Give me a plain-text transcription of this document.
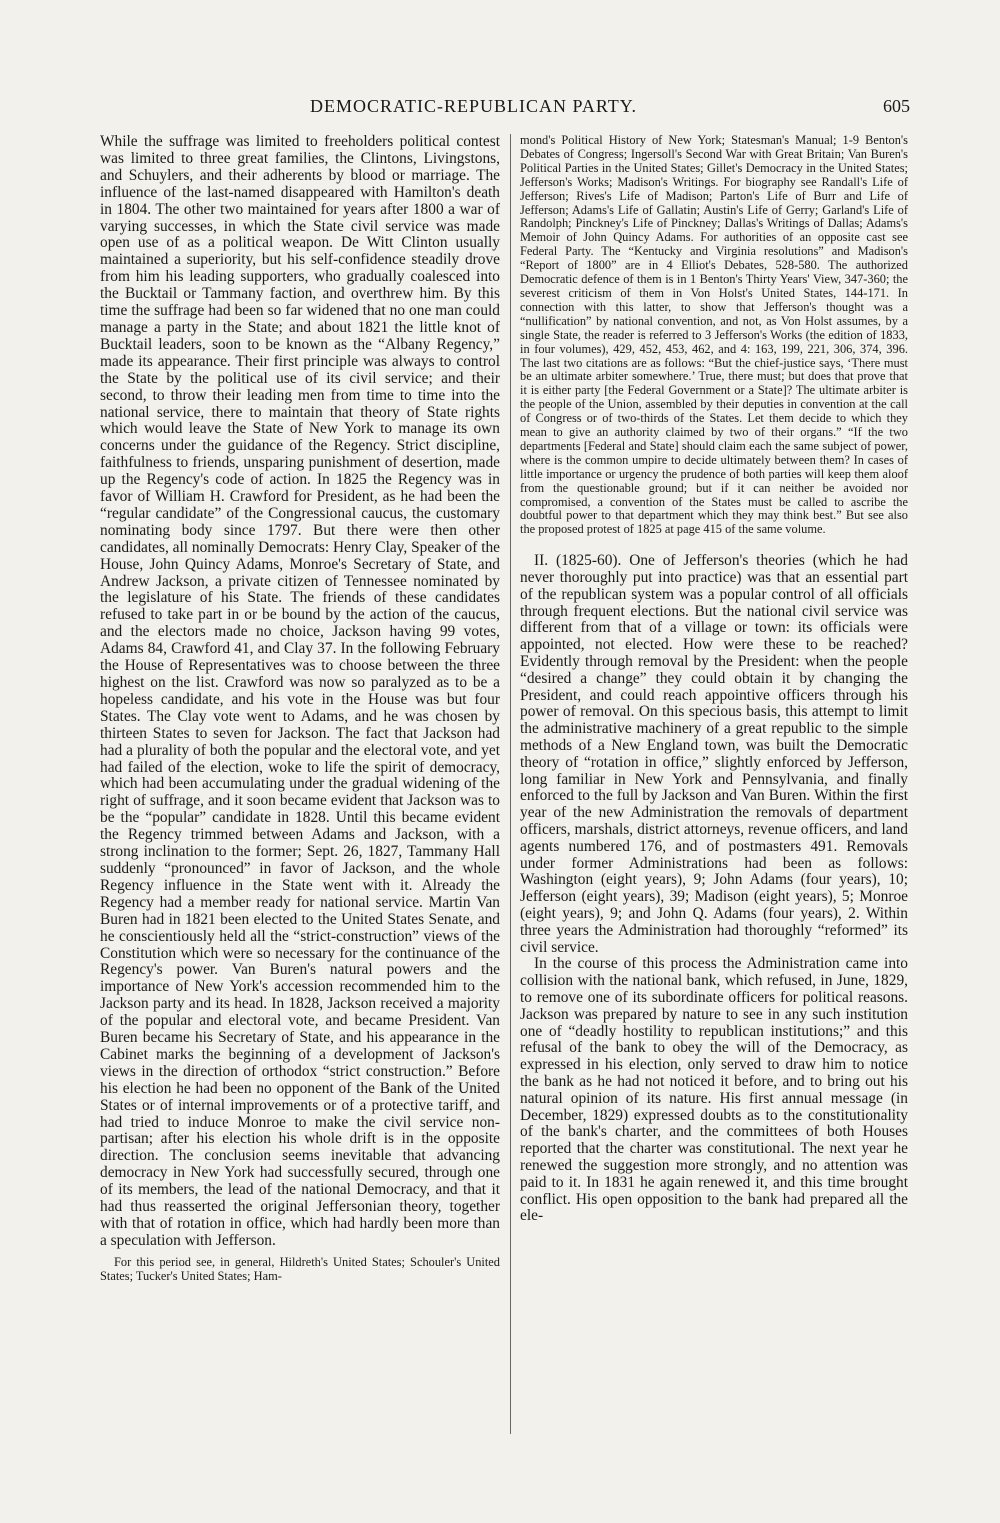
DEMOCRATIC-REPUBLICAN PARTY.	605

While the suffrage was limited to freeholders political contest was limited to three great families, the Clintons, Livingstons, and Schuylers, and their adherents by blood or marriage. The influence of the last-named disappeared with Hamilton's death in 1804. The other two maintained for years after 1800 a war of varying successes, in which the State civil service was made open use of as a political weapon. De Witt Clinton usually maintained a superiority, but his self-confidence steadily drove from him his leading supporters, who gradually coalesced into the Bucktail or Tammany faction, and overthrew him. By this time the suffrage had been so far widened that no one man could manage a party in the State; and about 1821 the little knot of Bucktail leaders, soon to be known as the “Albany Regency,” made its appearance. Their first principle was always to control the State by the political use of its civil service; and their second, to throw their leading men from time to time into the national service, there to maintain that theory of State rights which would leave the State of New York to manage its own concerns under the guidance of the Regency. Strict discipline, faithfulness to friends, unsparing punishment of desertion, made up the Regency's code of action. In 1825 the Regency was in favor of William H. Crawford for President, as he had been the “regular candidate” of the Congressional caucus, the customary nominating body since 1797. But there were then other candidates, all nominally Democrats: Henry Clay, Speaker of the House, John Quincy Adams, Monroe's Secretary of State, and Andrew Jackson, a private citizen of Tennessee nominated by the legislature of his State. The friends of these candidates refused to take part in or be bound by the action of the caucus, and the electors made no choice, Jackson having 99 votes, Adams 84, Crawford 41, and Clay 37. In the following February the House of Representatives was to choose between the three highest on the list. Crawford was now so paralyzed as to be a hopeless candidate, and his vote in the House was but four States. The Clay vote went to Adams, and he was chosen by thirteen States to seven for Jackson. The fact that Jackson had had a plurality of both the popular and the electoral vote, and yet had failed of the election, woke to life the spirit of democracy, which had been accumulating under the gradual widening of the right of suffrage, and it soon became evident that Jackson was to be the “popular” candidate in 1828. Until this became evident the Regency trimmed between Adams and Jackson, with a strong inclination to the former; Sept. 26, 1827, Tammany Hall suddenly “pronounced” in favor of Jackson, and the whole Regency influence in the State went with it. Already the Regency had a member ready for national service. Martin Van Buren had in 1821 been elected to the United States Senate, and he conscientiously held all the “strict-construction” views of the Constitution which were so necessary for the continuance of the Regency's power. Van Buren's natural powers and the importance of New York's accession recommended him to the Jackson party and its head. In 1828, Jackson received a majority of the popular and electoral vote, and became President. Van Buren became his Secretary of State, and his appearance in the Cabinet marks the beginning of a development of Jackson's views in the direction of orthodox “strict construction.” Before his election he had been no opponent of the Bank of the United States or of internal improvements or of a protective tariff, and had tried to induce Monroe to make the civil service non-partisan; after his election his whole drift is in the opposite direction. The conclusion seems inevitable that advancing democracy in New York had successfully secured, through one of its members, the lead of the national Democracy, and that it had thus reasserted the original Jeffersonian theory, together with that of rotation in office, which had hardly been more than a speculation with Jefferson.

For this period see, in general, Hildreth's United States; Schouler's United States; Tucker's United States; Ham-

mond's Political History of New York; Statesman's Manual; 1-9 Benton's Debates of Congress; Ingersoll's Second War with Great Britain; Van Buren's Political Parties in the United States; Gillet's Democracy in the United States; Jefferson's Works; Madison's Writings. For biography see Randall's Life of Jefferson; Rives's Life of Madison; Parton's Life of Burr and Life of Jefferson; Adams's Life of Gallatin; Austin's Life of Gerry; Garland's Life of Randolph; Pinckney's Life of Pinckney; Dallas's Writings of Dallas; Adams's Memoir of John Quincy Adams. For authorities of an opposite cast see Federal Party. The “Kentucky and Virginia resolutions” and Madison's “Report of 1800” are in 4 Elliot's Debates, 528-580. The authorized Democratic defence of them is in 1 Benton's Thirty Years' View, 347-360; the severest criticism of them in Von Holst's United States, 144-171. In connection with this latter, to show that Jefferson's thought was a “nullification” by national convention, and not, as Von Holst assumes, by a single State, the reader is referred to 3 Jefferson's Works (the edition of 1833, in four volumes), 429, 452, 453, 462, and 4: 163, 199, 221, 306, 374, 396. The last two citations are as follows: “But the chief-justice says, ‘There must be an ultimate arbiter somewhere.’ True, there must; but does that prove that it is either party [the Federal Government or a State]? The ultimate arbiter is the people of the Union, assembled by their deputies in convention at the call of Congress or of two-thirds of the States. Let them decide to which they mean to give an authority claimed by two of their organs.” “If the two departments [Federal and State] should claim each the same subject of power, where is the common umpire to decide ultimately between them? In cases of little importance or urgency the prudence of both parties will keep them aloof from the questionable ground; but if it can neither be avoided nor compromised, a convention of the States must be called to ascribe the doubtful power to that department which they may think best.” But see also the proposed protest of 1825 at page 415 of the same volume.

II. (1825-60). One of Jefferson's theories (which he had never thoroughly put into practice) was that an essential part of the republican system was a popular control of all officials through frequent elections. But the national civil service was different from that of a village or town: its officials were appointed, not elected. How were these to be reached? Evidently through removal by the President: when the people “desired a change” they could obtain it by changing the President, and could reach appointive officers through his power of removal. On this specious basis, this attempt to limit the administrative machinery of a great republic to the simple methods of a New England town, was built the Democratic theory of “rotation in office,” slightly enforced by Jefferson, long familiar in New York and Pennsylvania, and finally enforced to the full by Jackson and Van Buren. Within the first year of the new Administration the removals of department officers, marshals, district attorneys, revenue officers, and land agents numbered 176, and of postmasters 491. Removals under former Administrations had been as follows: Washington (eight years), 9; John Adams (four years), 10; Jefferson (eight years), 39; Madison (eight years), 5; Monroe (eight years), 9; and John Q. Adams (four years), 2. Within three years the Administration had thoroughly “reformed” its civil service.

In the course of this process the Administration came into collision with the national bank, which refused, in June, 1829, to remove one of its subordinate officers for political reasons. Jackson was prepared by nature to see in any such institution one of “deadly hostility to republican institutions;” and this refusal of the bank to obey the will of the Democracy, as expressed in his election, only served to draw him to notice the bank as he had not noticed it before, and to bring out his natural opinion of its nature. His first annual message (in December, 1829) expressed doubts as to the constitutionality of the bank's charter, and the committees of both Houses reported that the charter was constitutional. The next year he renewed the suggestion more strongly, and no attention was paid to it. In 1831 he again renewed it, and this time brought conflict. His open opposition to the bank had prepared all the ele-
